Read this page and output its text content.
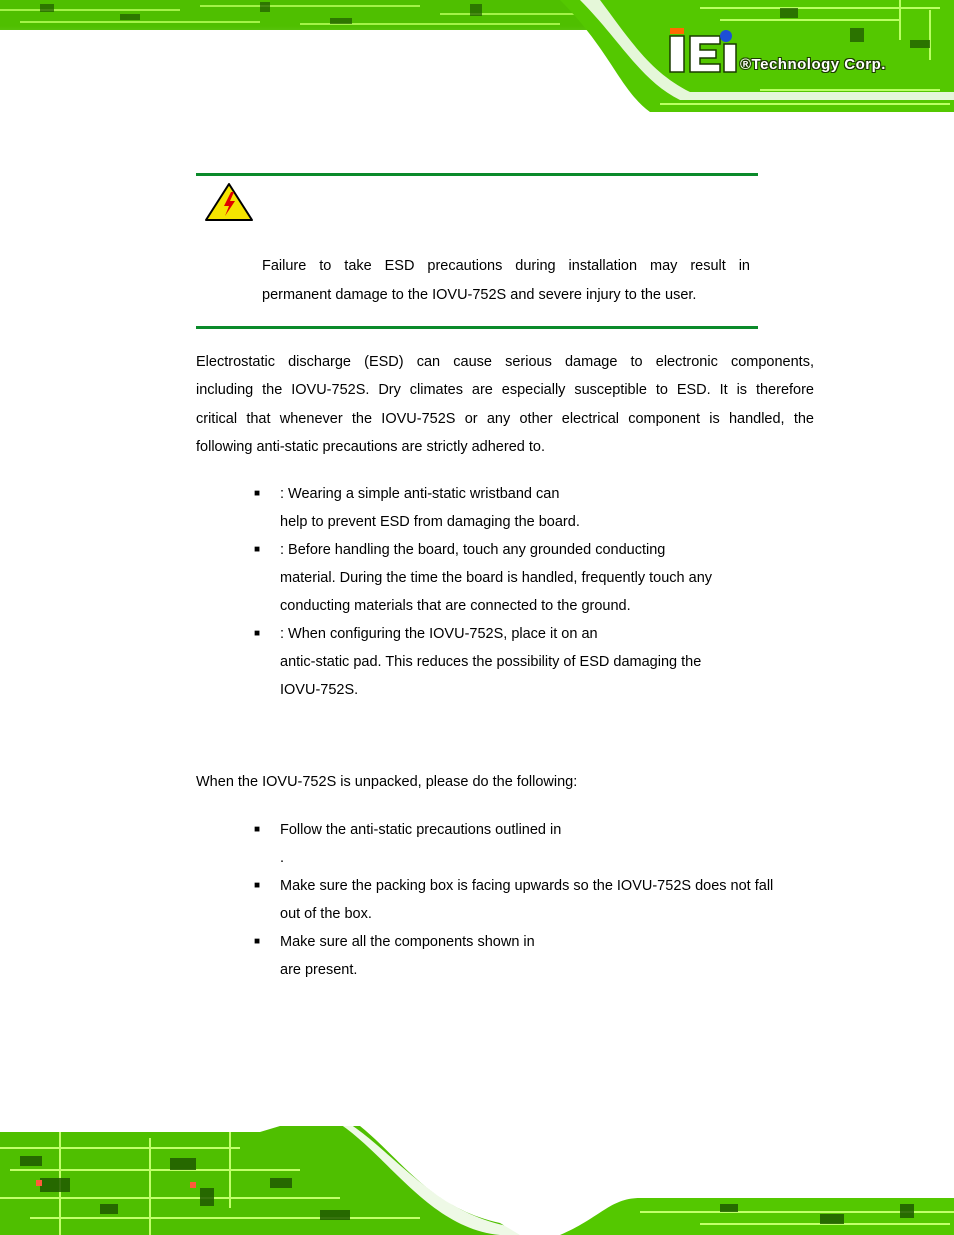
®Technology Corp.
Failure to take ESD precautions during installation may result in
permanent damage to the IOVU-752S and severe injury to the user.
Electrostatic discharge (ESD) can cause serious damage to electronic components,
including the IOVU-752S. Dry climates are especially susceptible to ESD. It is therefore
critical that whenever the IOVU-752S or any other electrical component is handled, the
following anti-static precautions are strictly adhered to.
■ : Wearing a simple anti-static wristband can
help to prevent ESD from damaging the board.
■ : Before handling the board, touch any grounded conducting
material. During the time the board is handled, frequently touch any
conducting materials that are connected to the ground.
■ : When configuring the IOVU-752S, place it on an
antic-static pad. This reduces the possibility of ESD damaging the
IOVU-752S.
When the IOVU-752S is unpacked, please do the following:
■ Follow the anti-static precautions outlined in
.
■ Make sure the packing box is facing upwards so the IOVU-752S does not fall
out of the box.
■ Make sure all the components shown in
are present.
